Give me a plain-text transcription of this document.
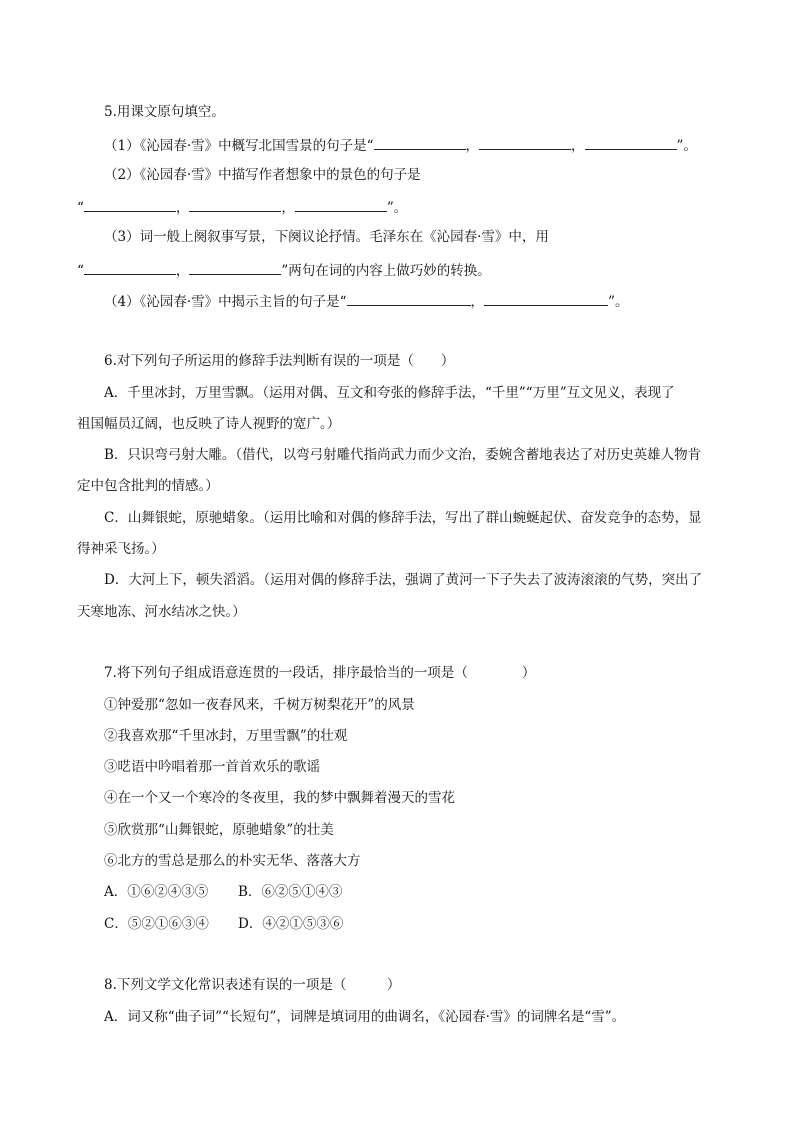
5.用课文原句填空。
（1）《沁园春·雪》中概写北国雪景的句子是“	，	，	”。
（2）《沁园春·雪》中描写作者想象中的景色的句子是
“	，	，	”。
（3）词一般上阕叙事写景，下阕议论抒情。毛泽东在《沁园春·雪》中，用
“	，	”两句在词的内容上做巧妙的转换。
（4）《沁园春·雪》中揭示主旨的句子是“	，	”。
6.对下列句子所运用的修辞手法判断有误的一项是（　　）
A．千里冰封，万里雪飘。（运用对偶、互文和夸张的修辞手法，“千里”“万里”互文见义，表现了
祖国幅员辽阔，也反映了诗人视野的宽广。）
B．只识弯弓射大雕。（借代，以弯弓射雕代指尚武力而少文治，委婉含蓄地表达了对历史英雄人物肯
定中包含批判的情感。）
C．山舞银蛇，原驰蜡象。（运用比喻和对偶的修辞手法，写出了群山蜿蜒起伏、奋发竞争的态势，显
得神采飞扬。）
D．大河上下，顿失滔滔。（运用对偶的修辞手法，强调了黄河一下子失去了波涛滚滚的气势，突出了
天寒地冻、河水结冰之快。）
7.将下列句子组成语意连贯的一段话，排序最恰当的一项是（　　　　）
①钟爱那“忽如一夜春风来，千树万树梨花开”的风景
②我喜欢那“千里冰封，万里雪飘”的壮观
③呓语中吟唱着那一首首欢乐的歌谣
④在一个又一个寒冷的冬夜里，我的梦中飘舞着漫天的雪花
⑤欣赏那“山舞银蛇，原驰蜡象”的壮美
⑥北方的雪总是那么的朴实无华、落落大方
A．①⑥②④③⑤ B．⑥②⑤①④③
C．⑤②①⑥③④ D．④②①⑤③⑥
8.下列文学文化常识表述有误的一项是（　　　）
A．词又称“曲子词”“长短句”，词牌是填词用的曲调名，《沁园春·雪》的词牌名是“雪”。
